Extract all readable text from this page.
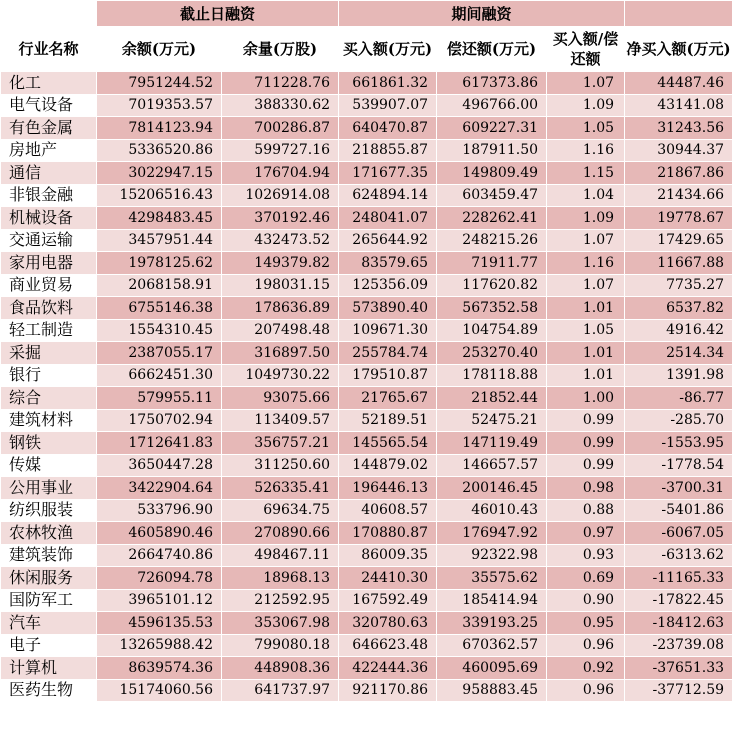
	截止日融资		期间融资			
行业名称	余额(万元)	余量(万股)	买入额(万元)	偿还额(万元)	买入额/偿还额	净买入额(万元)
化工	7951244.52	711228.76	661861.32	617373.86	1.07	44487.46
电气设备	7019353.57	388330.62	539907.07	496766.00	1.09	43141.08
有色金属	7814123.94	700286.87	640470.87	609227.31	1.05	31243.56
房地产	5336520.86	599727.16	218855.87	187911.50	1.16	30944.37
通信	3022947.15	176704.94	171677.35	149809.49	1.15	21867.86
非银金融	15206516.43	1026914.08	624894.14	603459.47	1.04	21434.66
机械设备	4298483.45	370192.46	248041.07	228262.41	1.09	19778.67
交通运输	3457951.44	432473.52	265644.92	248215.26	1.07	17429.65
家用电器	1978125.62	149379.82	83579.65	71911.77	1.16	11667.88
商业贸易	2068158.91	198031.15	125356.09	117620.82	1.07	7735.27
食品饮料	6755146.38	178636.89	573890.40	567352.58	1.01	6537.82
轻工制造	1554310.45	207498.48	109671.30	104754.89	1.05	4916.42
采掘	2387055.17	316897.50	255784.74	253270.40	1.01	2514.34
银行	6662451.30	1049730.22	179510.87	178118.88	1.01	1391.98
综合	579955.11	93075.66	21765.67	21852.44	1.00	-86.77
建筑材料	1750702.94	113409.57	52189.51	52475.21	0.99	-285.70
钢铁	1712641.83	356757.21	145565.54	147119.49	0.99	-1553.95
传媒	3650447.28	311250.60	144879.02	146657.57	0.99	-1778.54
公用事业	3422904.64	526335.41	196446.13	200146.45	0.98	-3700.31
纺织服装	533796.90	69634.75	40608.57	46010.43	0.88	-5401.86
农林牧渔	4605890.46	270890.66	170880.87	176947.92	0.97	-6067.05
建筑装饰	2664740.86	498467.11	86009.35	92322.98	0.93	-6313.62
休闲服务	726094.78	18968.13	24410.30	35575.62	0.69	-11165.33
国防军工	3965101.12	212592.95	167592.49	185414.94	0.90	-17822.45
汽车	4596135.53	353067.98	320780.63	339193.25	0.95	-18412.63
电子	13265988.42	799080.18	646623.48	670362.57	0.96	-23739.08
计算机	8639574.36	448908.36	422444.36	460095.69	0.92	-37651.33
医药生物	15174060.56	641737.97	921170.86	958883.45	0.96	-37712.59
